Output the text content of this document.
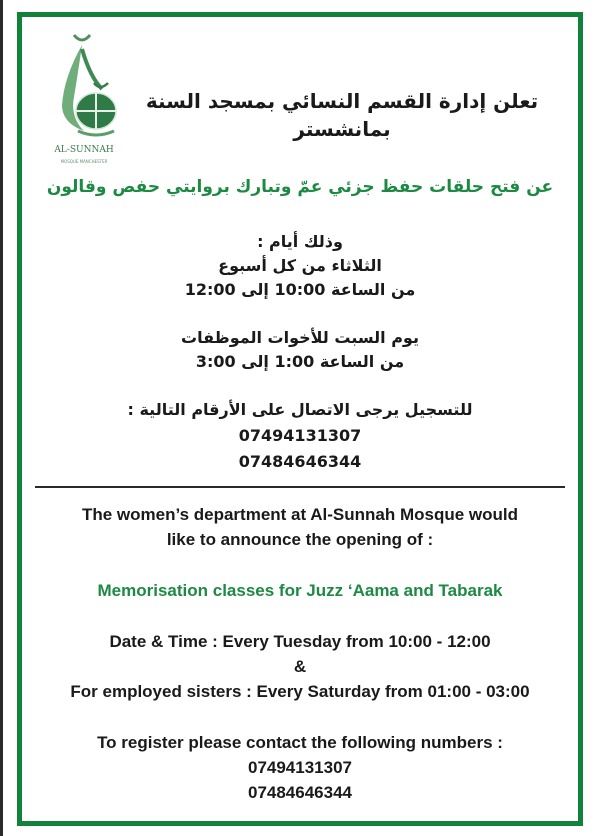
AL-SUNNAH
MOSQUE MANCHESTER
تعلن إدارة القسم النسائي بمسجد السنة
بمانشستر
عن فتح حلقات حفظ جزئي عمّ وتبارك بروايتي حفص وقالون
وذلك أيام :
الثلاثاء من كل أسبوع
من الساعة 10:00 إلى 12:00
يوم السبت للأخوات الموظفات
من الساعة 1:00 إلى 3:00
للتسجيل يرجى الاتصال على الأرقام التالية :
07494131307
07484646344
The women’s department at Al-Sunnah Mosque would
like to announce the opening of :
Memorisation classes for Juzz ‘Aama and Tabarak
Date & Time : Every Tuesday from 10:00 - 12:00
&
For employed sisters : Every Saturday from 01:00 - 03:00
To register please contact the following numbers :
07494131307
07484646344
